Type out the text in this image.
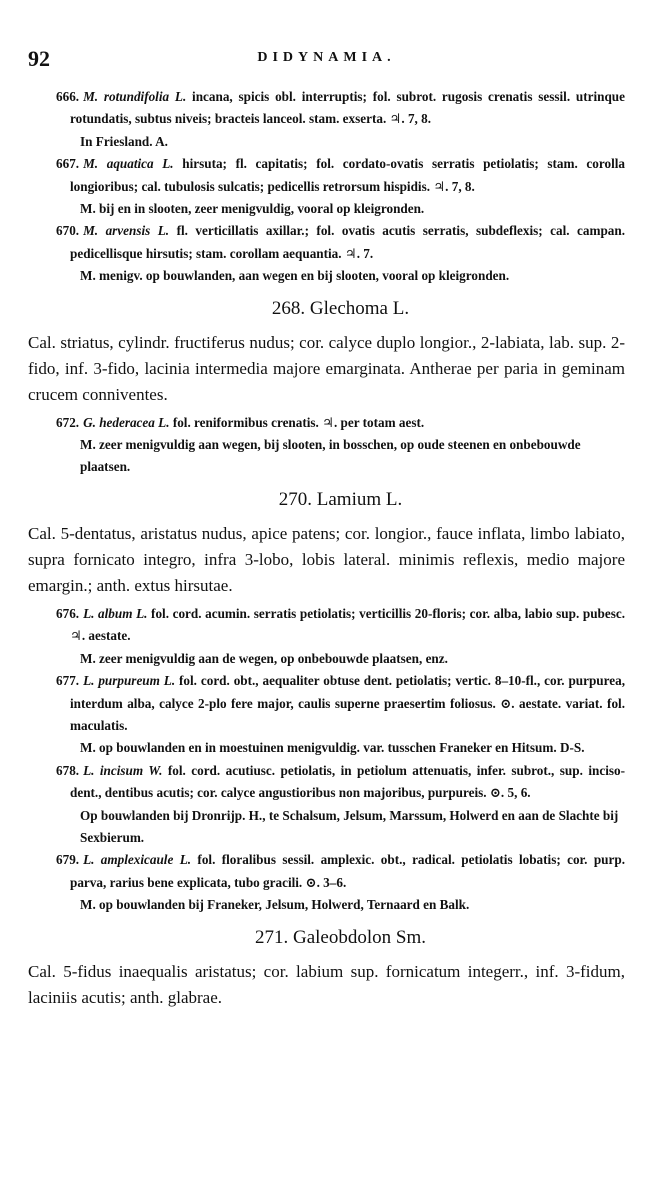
92	DIDYNAMIA.

666. M. rotundifolia L. incana, spicis obl. interruptis; fol. subrot. rugosis crenatis sessil. utrinque rotundatis, subtus niveis; bracteis lanceol. stam. exserta. ♃. 7, 8.

In Friesland. A.

667. M. aquatica L. hirsuta; fl. capitatis; fol. cordato-ovatis serratis petiolatis; stam. corolla longioribus; cal. tubulosis sulcatis; pedicellis retrorsum hispidis. ♃. 7, 8.

M. bij en in slooten, zeer menigvuldig, vooral op kleigronden.

670. M. arvensis L. fl. verticillatis axillar.; fol. ovatis acutis serratis, subdeflexis; cal. campan. pedicellisque hirsutis; stam. corollam aequantia. ♃. 7.

M. menigv. op bouwlanden, aan wegen en bij slooten, vooral op kleigronden.

268. Glechoma L.

Cal. striatus, cylindr. fructiferus nudus; cor. calyce duplo longior., 2-labiata, lab. sup. 2-fido, inf. 3-fido, lacinia intermedia majore emarginata. Antherae per paria in geminam crucem conniventes.

672. G. hederacea L. fol. reniformibus crenatis. ♃. per totam aest.

M. zeer menigvuldig aan wegen, bij slooten, in bosschen, op oude steenen en onbebouwde plaatsen.

270. Lamium L.

Cal. 5-dentatus, aristatus nudus, apice patens; cor. longior., fauce inflata, limbo labiato, supra fornicato integro, infra 3-lobo, lobis lateral. minimis reflexis, medio majore emargin.; anth. extus hirsutae.

676. L. album L. fol. cord. acumin. serratis petiolatis; verticillis 20-floris; cor. alba, labio sup. pubesc. ♃. aestate.

M. zeer menigvuldig aan de wegen, op onbebouwde plaatsen, enz.

677. L. purpureum L. fol. cord. obt., aequaliter obtuse dent. petiolatis; vertic. 8–10-fl., cor. purpurea, interdum alba, calyce 2-plo fere major, caulis superne praesertim foliosus. ⊙. aestate. variat. fol. maculatis.

M. op bouwlanden en in moestuinen menigvuldig. var. tusschen Franeker en Hitsum. D-S.

678. L. incisum W. fol. cord. acutiusc. petiolatis, in petiolum attenuatis, infer. subrot., sup. inciso-dent., dentibus acutis; cor. calyce angustioribus non majoribus, purpureis. ⊙. 5, 6.

Op bouwlanden bij Dronrijp. H., te Schalsum, Jelsum, Marssum, Holwerd en aan de Slachte bij Sexbierum.

679. L. amplexicaule L. fol. floralibus sessil. amplexic. obt., radical. petiolatis lobatis; cor. purp. parva, rarius bene explicata, tubo gracili. ⊙. 3–6.

M. op bouwlanden bij Franeker, Jelsum, Holwerd, Ternaard en Balk.

271. Galeobdolon Sm.

Cal. 5-fidus inaequalis aristatus; cor. labium sup. fornicatum integerr., inf. 3-fidum, laciniis acutis; anth. glabrae.
